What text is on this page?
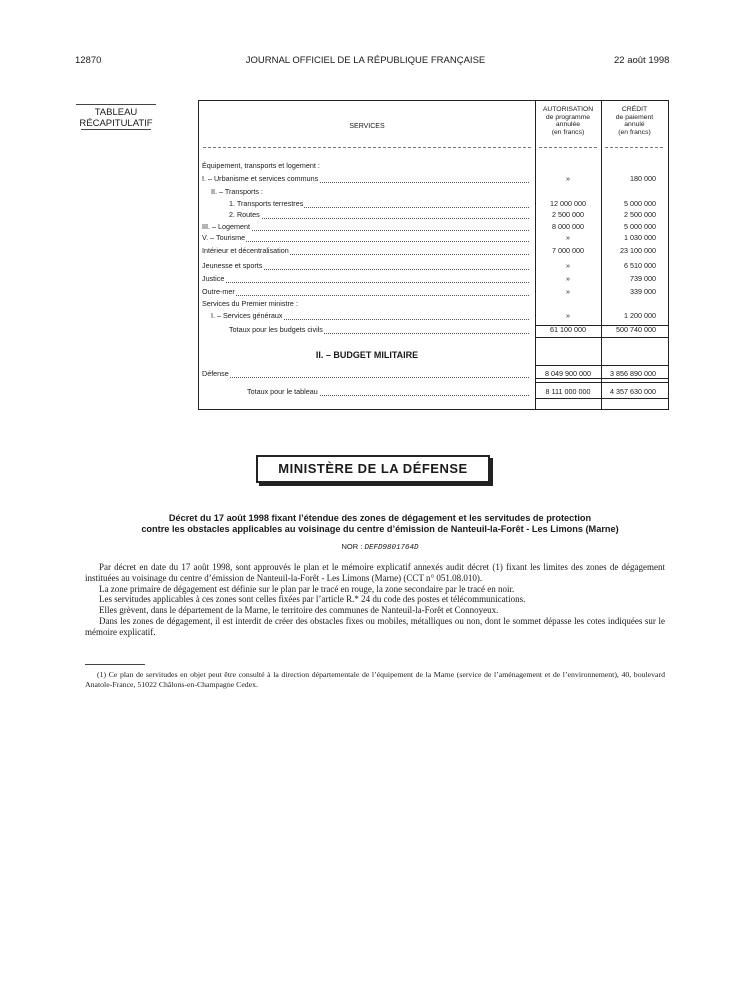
12870	JOURNAL OFFICIEL DE LA RÉPUBLIQUE FRANÇAISE	22 août 1998
TABLEAU
RÉCAPITULATIF	SERVICES
AUTORISATION
de programme
annulée
(en francs)
CRÉDIT
de paiement
annulé
(en francs)
Équipement, transports et logement :
I. – Urbanisme et services communs	»	180 000
II. – Transports :
1. Transports terrestres	12 000 000	5 000 000
2. Routes	2 500 000	2 500 000
III. – Logement	8 000 000	5 000 000
V. – Tourisme	»	1 030 000
Intérieur et décentralisation	7 000 000	23 100 000
Jeunesse et sports	»	6 510 000
Justice	»	739 000
Outre-mer	»	339 000
Services du Premier ministre :
I. – Services généraux	»	1 200 000
Totaux pour les budgets civils	61 100 000	500 740 000
Défense	8 049 900 000	3 856 890 000
Totaux pour le tableau	8 111 000 000	4 357 630 000
II. – BUDGET MILITAIRE
MINISTÈRE DE LA DÉFENSE
Décret du 17 août 1998 fixant l’étendue des zones de dégagement et les servitudes de protection
contre les obstacles applicables au voisinage du centre d’émission de Nanteuil-la-Forêt - Les Limons (Marne)
NOR : DEFD9801764D

Par décret en date du 17 août 1998, sont approuvés le plan et le mémoire explicatif annexés audit décret (1) fixant les limites des zones de dégagement instituées au voisinage du centre d’émission de Nanteuil-la-Forêt - Les Limons (Marne) (CCT n° 051.08.010).

La zone primaire de dégagement est définie sur le plan par le tracé en rouge, la zone secondaire par le tracé en noir.

Les servitudes applicables à ces zones sont celles fixées par l’article R.* 24 du code des postes et télécommunications.

Elles grèvent, dans le département de la Marne, le territoire des communes de Nanteuil-la-Forêt et Connoyeux.

Dans les zones de dégagement, il est interdit de créer des obstacles fixes ou mobiles, métalliques ou non, dont le sommet dépasse les cotes indiquées sur le mémoire explicatif.

(1) Ce plan de servitudes en objet peut être consulté à la direction départementale de l’équipement de la Marne (service de l’aménagement et de l’environnement), 40, boulevard Anatole-France, 51022 Châlons-en-Champagne Cedex.
